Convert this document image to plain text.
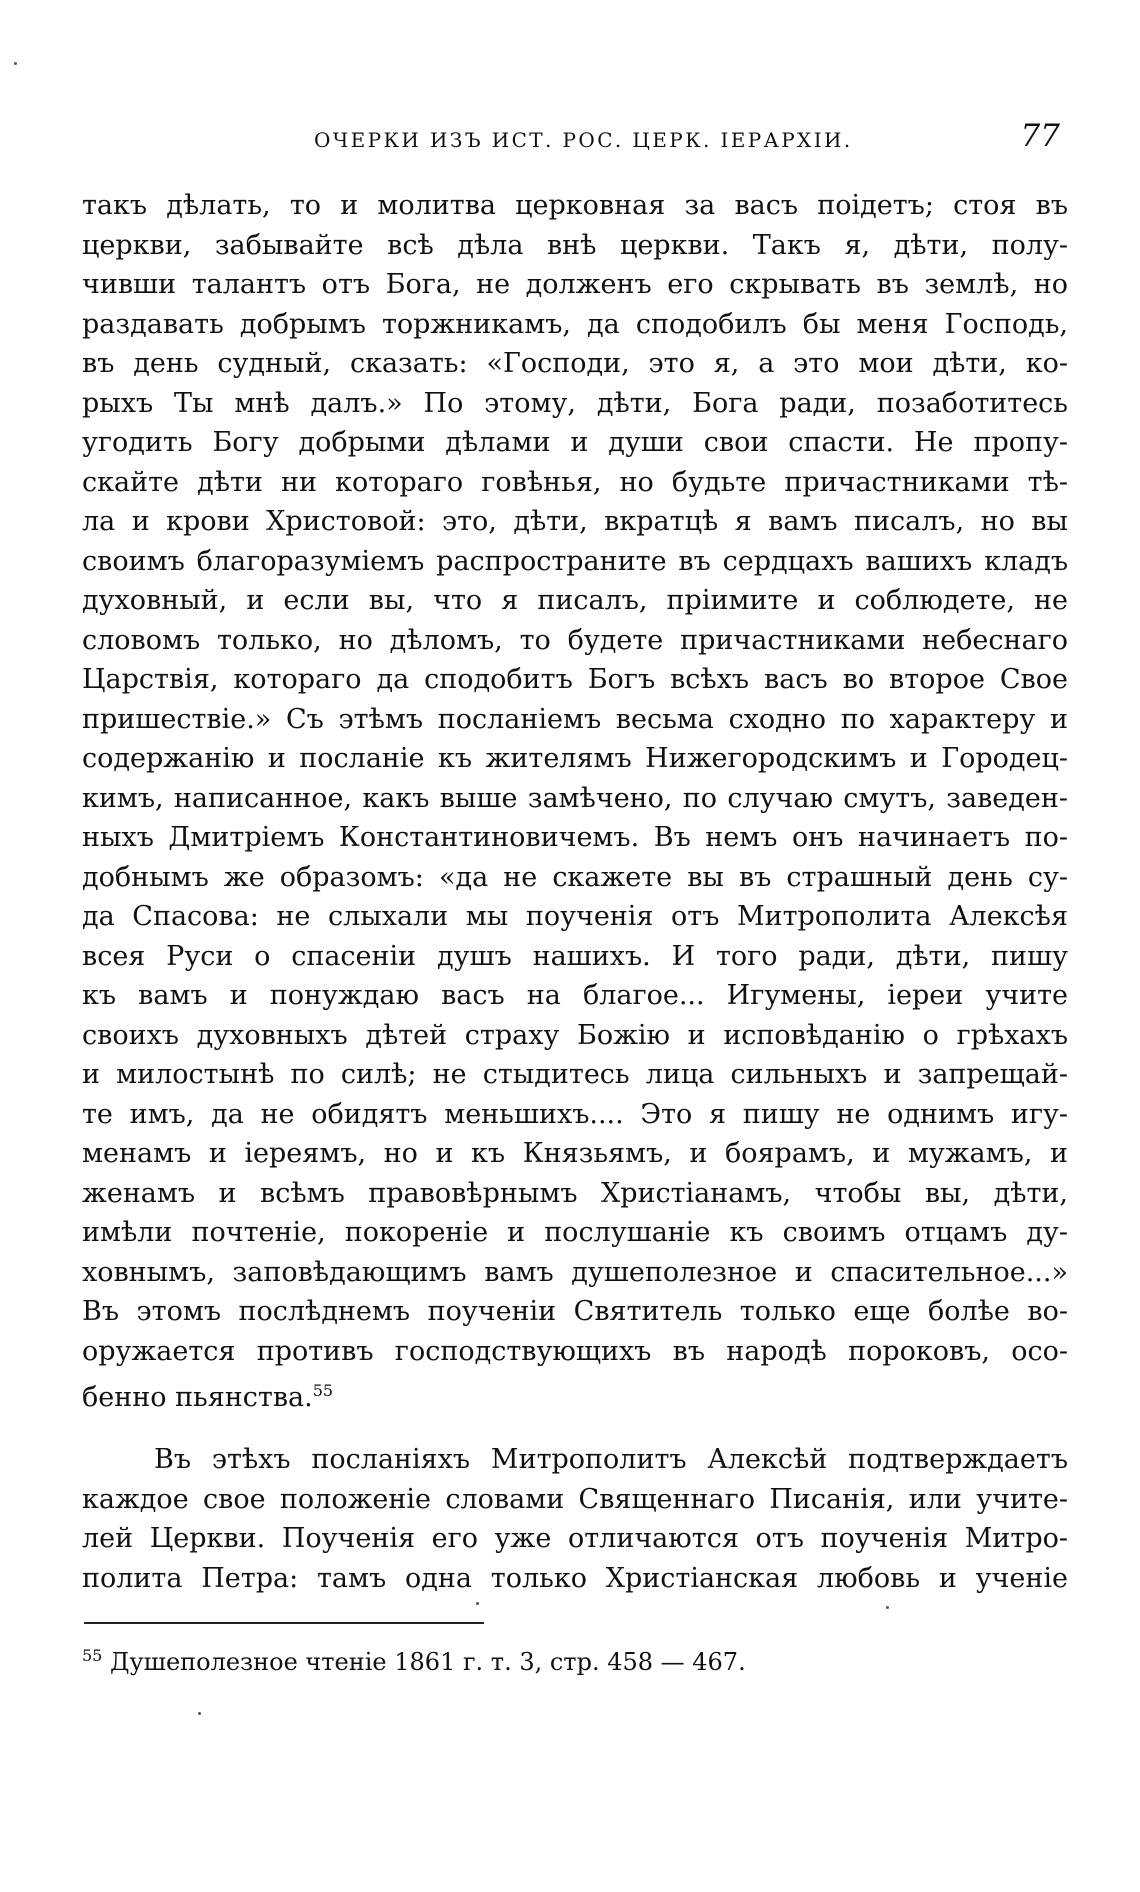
ОЧЕРКИ ИЗЪ ИСТ. РОС. ЦЕРК. ІЕРАРХІИ.	77
такъ дѣлать, то и молитва церковная за васъ поідетъ; стоя въ
церкви, забывайте всѣ дѣла внѣ церкви. Такъ я, дѣти, полу-
чивши талантъ отъ Бога, не долженъ его скрывать въ землѣ, но
раздавать добрымъ торжникамъ, да сподобилъ бы меня Господь,
въ день судный, сказать: «Господи, это я, а это мои дѣти, ко-
рыхъ Ты мнѣ далъ.» По этому, дѣти, Бога ради, позаботитесь
угодить Богу добрыми дѣлами и души свои спасти. Не пропу-
скайте дѣти ни котораго говѣнья, но будьте причастниками тѣ-
ла и крови Христовой: это, дѣти, вкратцѣ я вамъ писалъ, но вы
своимъ благоразуміемъ распространите въ сердцахъ вашихъ кладъ
духовный, и если вы, что я писалъ, пріимите и соблюдете, не
словомъ только, но дѣломъ, то будете причастниками небеснаго
Царствія, котораго да сподобитъ Богъ всѣхъ васъ во второе Свое
пришествіе.» Съ этѣмъ посланіемъ весьма сходно по характеру и
содержанію и посланіе къ жителямъ Нижегородскимъ и Городец-
кимъ, написанное, какъ выше замѣчено, по случаю смутъ, заведен-
ныхъ Дмитріемъ Константиновичемъ. Въ немъ онъ начинаетъ по-
добнымъ же образомъ: «да не скажете вы въ страшный день су-
да Спасова: не слыхали мы поученія отъ Митрополита Алексѣя
всея Руси о спасеніи душъ нашихъ. И того ради, дѣти, пишу
къ вамъ и понуждаю васъ на благое... Игумены, іереи учите
своихъ духовныхъ дѣтей страху Божію и исповѣданію о грѣхахъ
и милостынѣ по силѣ; не стыдитесь лица сильныхъ и запрещай-
те имъ, да не обидятъ меньшихъ.... Это я пишу не однимъ игу-
менамъ и іереямъ, но и къ Князьямъ, и боярамъ, и мужамъ, и
женамъ и всѣмъ правовѣрнымъ Христіанамъ, чтобы вы, дѣти,
имѣли почтеніе, покореніе и послушаніе къ своимъ отцамъ ду-
ховнымъ, заповѣдающимъ вамъ душеполезное и спасительное...»
Въ этомъ послѣднемъ поученіи Святитель только еще болѣе во-
оружается противъ господствующихъ въ народѣ пороковъ, осо-
бенно пьянства.$^{55}$
Въ этѣхъ посланіяхъ Митрополитъ Алексѣй подтверждаетъ
каждое свое положеніе словами Священнаго Писанія, или учите-
лей Церкви. Поученія его уже отличаются отъ поученія Митро-
полита Петра: тамъ одна только Христіанская любовь и ученіе
$^{55}$ Душеполезное чтеніе 1861 г. т. 3, стр. 458 — 467.
